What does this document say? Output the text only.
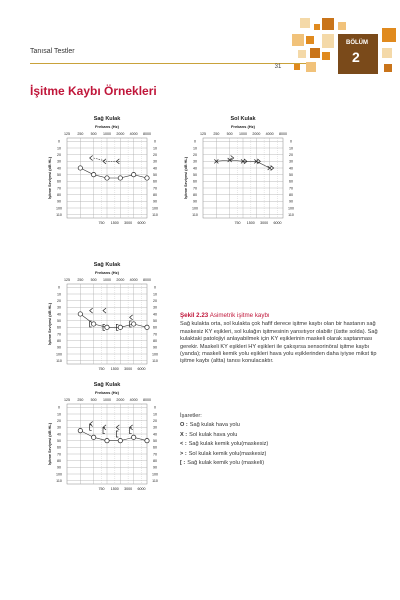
Tanısal Testler
31
BÖLÜM
2
İşitme Kaybı Örnekleri
Sağ Kulak
Frekans (Hz)
125 250 500 1000 2000 4000 8000
750 1500 3000 6000
0	0
10	10
20	20
30	30
40	40
50	50
60	60
70	70
80	80
90	90
100	100
110	110
İşitme Seviyesi (dB HL)
Sol Kulak
Frekans (Hz)
125 250 500 1000 2000 4000 8000
750 1500 3000 6000
0	0
10	10
20	20
30	30
40	40
50	50
60	60
70	70
80	80
90	90
100	100
110	110
İşitme Seviyesi (dB HL)
Sağ Kulak
Frekans (Hz)
125 250 500 1000 2000 4000 8000
750 1500 3000 6000
0	0
10	10
20	20
30	30
40	40
50	50
60	60
70	70
80	80
90	90
100	100
110	110
İşitme Seviyesi (dB HL)
Sağ Kulak
Frekans (Hz)
125 250 500 1000 2000 4000 8000
750 1500 3000 6000
0	0
10	10
20	20
30	30
40	40
50	50
60	60
70	70
80	80
90	90
100	100
110	110
İşitme Seviyesi (dB HL)
Şekil 2.23 Asimetrik işitme kaybı
Sağ kulakta orta, sol kulakta çok hafif derece işitme kaybı olan bir hastanın sağ maskesiz KY eşikleri, sol kulağın işitmesinin yansıtıyor olabilir (üstte solda). Sağ kulaktaki patolojiyi anlayabilmek için KY eşiklerinin maskeli olarak saptanması gerekir. Maskeli KY eşikleri HY eşikleri ile çakışırsa sensorinöral işitme kaybı (yanda); maskeli kemik yolu eşikleri hava yolu eşiklerinden daha iyiyse mikst tip işitme kaybı (altta) tanısı konulacaktır.
İşaretler:
O : Sağ kulak hava yolu
X : Sol kulak hava yolu
< : Sağ kulak kemik yolu(maskesiz)
> : Sol kulak kemik yolu(maskesiz)
[ : Sağ kulak kemik yolu (maskeli)
